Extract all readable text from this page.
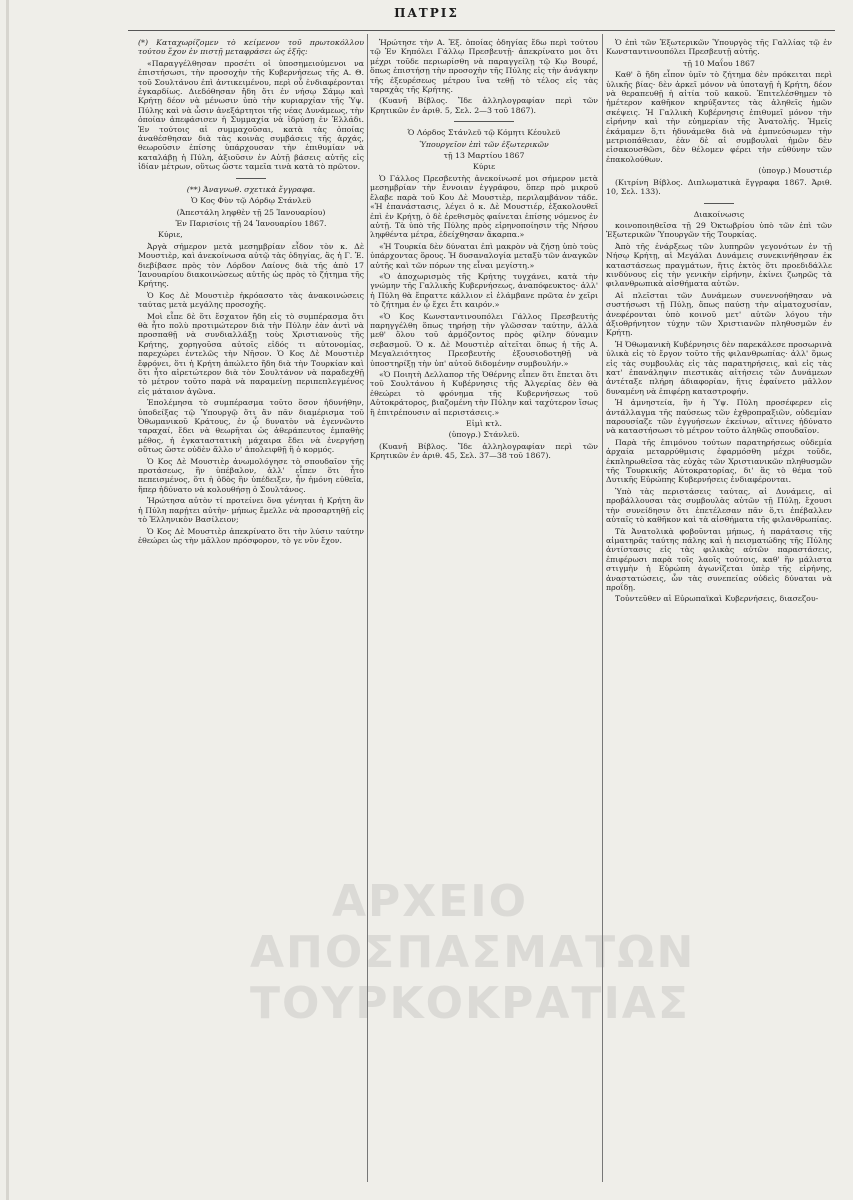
ΠΑΤΡΙΣ

(*) Καταχωρίζομεν τὸ κείμενον τοῦ πρωτοκόλλου τούτου ἔχον ἐν πιστῇ μεταφράσει ὡς ἑξῆς:

«Παραγγέλθησαν προσέτι οἱ ὑποσημειούμενοι να ἐπιστήσωσι, τὴν προσοχὴν τῆς Κυβερνήσεως τῆς Α. Θ. τοῦ Σουλτάνου ἐπὶ ἀντικειμένου, περὶ οὗ ἐνδιαφέρονται ἐγκαρδίως. Διεδόθησαν ἤδη ὅτι ἐν νήσῳ Σάμῳ καὶ Κρήτῃ δέον νὰ μένωσιν ὑπὸ τὴν κυριαρχίαν τῆς Ὑψ. Πύλης καὶ νὰ ὦσιν ἀνεξάρτητοι τῆς νέας Δυνάμεως, τὴν ὁποίαν ἀπεφάσισεν ἡ Συμμαχία νὰ ἱδρύσῃ ἐν Ἑλλάδι. Ἐν τούτοις αἱ συμμαχοῦσαι, κατὰ τὰς ὁποίας ἀναθέσθησαν διὰ τὰς κοινὰς συμβάσεις τῆς ἀρχάς, θεωροῦσιν ἐπίσης ὑπάρχουσαν τὴν ἐπιθυμίαν νὰ καταλάβῃ ἡ Πύλη, ἀξιοῦσιν ἐν Αὐτῇ βάσεις αὐτῆς εἰς ἰδίαν μέτρων, οὕτως ὥστε ταμεῖα τινὰ κατὰ τὸ πρῶτον.

(**) Ἀναγνωθ. σχετικὰ ἔγγραφα.

Ὁ Κος Φὺν τῷ Λόρδῳ Στάνλεϋ

(Ἀπεστάλη ληφθὲν τῇ 25 Ἰανουαρίου)

Ἐν Παρισίοις τῇ 24 Ἰανουαρίου 1867.

Κύριε,

Ἀργὰ σήμερον μετὰ μεσημβρίαν εἶδον τὸν κ. Δὲ Μουστιὲρ, καὶ ἀνεκοίνωσα αὐτῷ τὰς ὁδηγίας, ἃς ἡ Γ. Ἐ. διεβίβασε πρὸς τὸν Λόρδον Λαίονς διὰ τῆς ἀπὸ 17 Ἰανουαρίου διακοινώσεως αὐτῆς ὡς πρὸς τὸ ζήτημα τῆς Κρήτης.

Ὁ Κος Δὲ Μουστιὲρ ἠκρόασατο τὰς ἀνακοινώσεις ταύτας μετὰ μεγάλης προσοχῆς.

Μοὶ εἶπε δὲ ὅτι ἔσχατον ἤδη εἰς τὸ συμπέρασμα ὅτι θὰ ἦτο πολὺ προτιμώτερον διὰ τὴν Πύλην ἐὰν ἀντὶ νὰ προσπαθῇ νὰ συνδιαλλάξῃ τοὺς Χριστιανοὺς τῆς Κρήτης, χορηγοῦσα αὐτοῖς εἰδός τι αὐτονομίας, παρεχώρει ἐντελῶς τὴν Νῆσον. Ὁ Κος Δὲ Μουστιὲρ ἔφρόνει, ὅτι ἡ Κρήτη ἀπώλετο ἤδη διὰ τὴν Τουρκίαν καὶ ὅτι ἦτο αἱρετώτερον διὰ τὸν Σουλτάνον νὰ παραδεχθῇ τὸ μέτρον τοῦτο παρὰ νὰ παραμείνῃ περιπεπλεγμένος εἰς μάταιον ἀγῶνα.

Ἐπολέμησα τὸ συμπέρασμα τοῦτο ὅσον ἠδυνήθην, ὑποδείξας τῷ Ὑπουργῷ ὅτι ἂν πᾶν διαμέρισμα τοῦ Ὀθωμανικοῦ Κράτους, ἐν ᾧ δυνατὸν νὰ ἐγεννῶντο ταραχαί, ἔδει νὰ θεωρῆται ὡς ἀθεράπευτος ἐμπαθὴς μέθος, ἡ ἐγκαταστατικὴ μάχαιρα ἔδει νὰ ἐνεργήσῃ οὕτως ὥστε οὐδὲν ἄλλο ν' ἀπολειφθῇ ἢ ὁ κορμός.

Ὁ Κος Δὲ Μουστιὲρ ἀνωμολόγησε τὸ σπουδαῖον τῆς προτάσεως, ἣν ὑπέβαλον, ἀλλ' εἶπεν ὅτι ἦτο πεπεισμένος, ὅτι ἡ ὁδὸς ἣν ὑπέδειξεν, ἦν ἡμόνη εὐθεῖα, ἥπερ ἠδύνατο νὰ κολουθήσῃ ὁ Σουλτάνος.

Ἠρώτησα αὐτὸν τί προτείνει ὅνα γένηται ἡ Κρήτη ἂν ἡ Πύλη παρῄτει αὐτὴν· μήπως ἔμελλε νὰ προσαρτηθῇ εἰς τὸ Ἑλληνικὸν Βασίλειον;

Ὁ Κος Δὲ Μουστιὲρ ἀπεκρίνατο ὅτι τὴν λύσιν ταύτην ἐθεώρει ὡς τὴν μᾶλλον πρόσφορον, τὸ γε νῦν ἔχον.

Ἠρώτησε τὴν Α. Ἐξ. ὁποίας ὁδηγίας ἔδω περὶ τούτου τῷ Ἐν Κηπόλει Γάλλῳ Πρεσβευτῇ· ἀπεκρίνατο μοι ὅτι μέχρι τοῦδε περιωρίσθη νὰ παραγγείλῃ τῷ Κῳ Βουρέ, ὅπως ἐπιστήσῃ τὴν προσοχὴν τῆς Πύλης εἰς τὴν ἀνάγκην τῆς ἐξευρέσεως μέτρου ἵνα τεθῇ τὸ τέλος εἰς τὰς ταραχὰς τῆς Κρήτης.

(Κυανῆ Βίβλος. Ἴδε ἀλληλογραφίαν περὶ τῶν Κρητικῶν ἐν ἀριθ. 5, Σελ. 2—3 τοῦ 1867).

Ὁ Λόρδος Στάνλεϋ τῷ Κόμητι Κέουλεϋ

Ὑπουργεῖον ἐπὶ τῶν ἐξωτερικῶν

τῇ 13 Μαρτίου 1867

Κύριε

Ὁ Γάλλος Πρεσβευτὴς ἀνεκοίνωσέ μοι σήμερον μετὰ μεσημβρίαν τὴν ἔννοιαν ἐγγράφου, ὅπερ πρὸ μικροῦ ἔλαβε παρὰ τοῦ Κου Δὲ Μουστιὲρ, περιλαμβάνον τάδε. «Ἡ ἐπανάστασις, λέγει ὁ κ. Δὲ Μουστιέρ, ἐξακολουθεῖ ἐπὶ ἐν Κρήτῃ, ὁ δὲ ἐρεθισμὸς φαίνεται ἐπίσης νόμενος ἐν αὐτῇ. Τὰ ὑπὸ τῆς Πύλης πρὸς εἰρηνοποίησιν τῆς Νήσου ληφθέντα μέτρα, ἐδείχθησαν ἄκαρπα.»

«Ἡ Τουρκία δὲν δύναται ἐπὶ μακρὸν νὰ ζήσῃ ὑπὸ τοὺς ὑπάρχοντας ὅρους. Ἡ δυσαναλογία μεταξὺ τῶν ἀναγκῶν αὐτῆς καὶ τῶν πόρων της εἶναι μεγίστη.»

«Ὁ ἀποχωρισμὸς τῆς Κρήτης τυγχάνει, κατὰ τὴν γνώμην τῆς Γαλλικῆς Κυβερνήσεως, ἀναπόφευκτος· ἀλλ' ἡ Πύλη θὰ ἔπραττε κάλλιον εἰ ἐλάμβανε πρῶτα ἐν χεῖρι τὸ ζήτημα ἐν ᾧ ἔχει ἔτι καιρόν.»

«Ὁ Κος Κωνσταντινουπόλει Γάλλος Πρεσβευτὴς παρηγγέλθη ὅπως τηρήσῃ τὴν γλῶσσαν ταύτην, ἀλλὰ μεθ' ὅλου τοῦ ἁρμόζοντος πρὸς φίλην δύναμιν σεβασμοῦ. Ὁ κ. Δὲ Μουστιὲρ αἰτεῖται ὅπως ἡ τῆς Α. Μεγαλειότητος Πρεσβευτὴς ἐξουσιοδοτηθῇ νὰ ὑποστηρίξῃ τὴν ὑπ' αὐτοῦ διδομένην συμβουλήν.»

«Ὁ Ποιητὴ Δελλαπορ τῆς Ὀθέρνης εἶπεν ὅτι ἔπεται ὅτι τοῦ Σουλτάνου ἡ Κυβέρνησις τῆς Ἀλγερίας δὲν θὰ ἐθεώρει τὸ φρόνημα τῆς Κυβερνήσεως τοῦ Αὐτοκράτορος, βιαζομένη τὴν Πύλην καὶ ταχύτερον ἴσως ἢ ἐπιτρέπουσιν αἱ περιστάσεις.»

Εἰμὶ κτλ.

(ὑπογρ.) Στάνλεϋ.

(Κυανῆ Βίβλος. Ἴδε ἀλληλογραφίαν περὶ τῶν Κρητικῶν ἐν ἀριθ. 45, Σελ. 37—38 τοῦ 1867).

Ὁ ἐπὶ τῶν Ἐξωτερικῶν Ὑπουργὸς τῆς Γαλλίας τῷ ἐν Κωνσταντινουπόλει Πρεσβευτῇ αὐτῆς.

τῇ 10 Μαΐου 1867

Καθ' ὃ ἤδη εἶπον ὑμῖν τὸ ζήτημα δὲν πρόκειται περὶ ὑλικῆς βίας· δὲν ἀρκεῖ μόνον νὰ ὑποταγῇ ἡ Κρήτη, δέον νὰ θεραπευθῇ ἡ αἰτία τοῦ κακοῦ. Ἐπιτελέσθημεν τὸ ἡμέτερον καθῆκον κηρύξαντες τὰς ἀληθεῖς ἡμῶν σκέψεις. Ἡ Γαλλικὴ Κυβέρνησις ἐπιθυμεῖ μόνον τὴν εἰρήνην καὶ τὴν εὐημερίαν τῆς Ἀνατολῆς. Ἡμεῖς ἐκάμαμεν ὅ,τι ἠδυνάμεθα διὰ νὰ ἐμπνεύσωμεν τὴν μετριοπάθειαν, ἐὰν δὲ αἱ συμβουλαὶ ἡμῶν δὲν εἰσακουσθῶσι, δὲν θέλομεν φέρει τὴν εὐθύνην τῶν ἐπακολούθων.

(ὑπογρ.) Μουστιέρ

(Κιτρίνη Βίβλος. Διπλωματικὰ ἔγγραφα 1867. Ἀριθ. 10, Σελ. 133).

Διακοίνωσις

κοινοποιηθεῖσα τῇ 29 Ὀκτωβρίου ὑπὸ τῶν ἐπὶ τῶν Ἐξωτερικῶν Ὑπουργῶν τῆς Τουρκίας.

Ἀπὸ τῆς ἐνάρξεως τῶν λυπηρῶν γεγονότων ἐν τῇ Νήσῳ Κρήτῃ, αἱ Μεγάλαι Δυνάμεις συνεκινήθησαν ἐκ καταστάσεως πραγμάτων, ἥτις ἐκτὸς ὅτι προεδιδάλλε κινδύνους εἰς τὴν γενικὴν εἰρήνην, ἐκίνει ζωηρῶς τὰ φιλανθρωπικὰ αἰσθήματα αὐτῶν.

Αἱ πλεῖσται τῶν Δυνάμεων συνεννοήθησαν νὰ συστήσωσι τῇ Πύλῃ, ὅπως παύσῃ τὴν αἱματοχυσίαν, ἀνεφέρονται ὑπὸ κοινοῦ μετ' αὐτῶν λόγου τὴν ἀξιοθρήνητον τύχην τῶν Χριστιανῶν πληθυσμῶν ἐν Κρήτῃ.

Ἡ Ὀθωμανικὴ Κυβέρνησις δὲν παρεκάλεσε προσωρινὰ ὑλικὰ εἰς τὸ ἔργον τοῦτο τῆς φιλανθρωπίας· ἀλλ' ὅμως εἰς τὰς συμβουλὰς εἰς τὰς παρατηρήσεις, καὶ εἰς τὰς κατ' ἐπανάληψιν πιεστικὰς αἰτήσεις τῶν Δυνάμεων ἀντέταξε πλήρη ἀδιαφορίαν, ἥτις ἐφαίνετο μᾶλλον δυναμένη νὰ ἐπιφέρῃ καταστροφήν.

Ἡ ἀμνηστεία, ἣν ἡ Ὑψ. Πύλη προσέφερεν εἰς ἀντάλλαγμα τῆς παύσεως τῶν ἐχθροπραξιῶν, οὐδεμίαν παρουσίαζε τῶν ἐγγυήσεων ἐκείνων, αἵτινες ἠδύνατο νὰ καταστήσωσι τὸ μέτρον τοῦτο ἀληθῶς σπουδαῖον.

Παρὰ τῆς ἐπιμόνου τούτων παρατηρήσεως οὐδεμία ἀρχαία μεταρρύθμισις ἐφαρμόσθη μέχρι τοῦδε, ἐκπληρωθεῖσα τὰς εὐχὰς τῶν Χριστιανικῶν πληθυσμῶν τῆς Τουρκικῆς Αὐτοκρατορίας, δι' ἃς τὸ θέμα τοῦ Δυτικῆς Εὐρώπης Κυβερνήσεις ἐνδιαφέρονται.

Ὑπὸ τὰς περιστάσεις ταύτας, αἱ Δυνάμεις, αἱ προβάλλουσαι τὰς συμβουλὰς αὐτῶν τῇ Πύλῃ, ἔχουσι τὴν συνείδησιν ὅτι ἐπετέλεσαν πᾶν ὅ,τι ἐπέβαλλεν αὐταῖς τὸ καθῆκον καὶ τὰ αἰσθήματα τῆς φιλανθρωπίας.

Τὰ Ἀνατολικὰ φοβοῦνται μήπως, ἡ παράτασις τῆς αἱματηρᾶς ταύτης πάλης καὶ ἡ πεισματώδης τῆς Πύλης ἀντίστασις εἰς τὰς φιλικὰς αὐτῶν παραστάσεις, ἐπιφέρωσι παρὰ τοῖς λαοῖς τούτοις, καθ' ἣν μάλιστα στιγμὴν ἡ Εὐρώπη ἀγωνίζεται ὑπὲρ τῆς εἰρήνης, ἀναστατώσεις, ὧν τὰς συνεπείας οὐδεὶς δύναται νὰ προΐδῃ.

Τοὐντεῦθεν αἱ Εὐρωπαϊκαὶ Κυβερνήσεις, διασεζου-

ΑΡΧΕΙΟ ΑΠΟΣΠΑΣΜΑΤΩΝ ΤΟΥΡΚΟΚΡΑΤΙΑΣ
